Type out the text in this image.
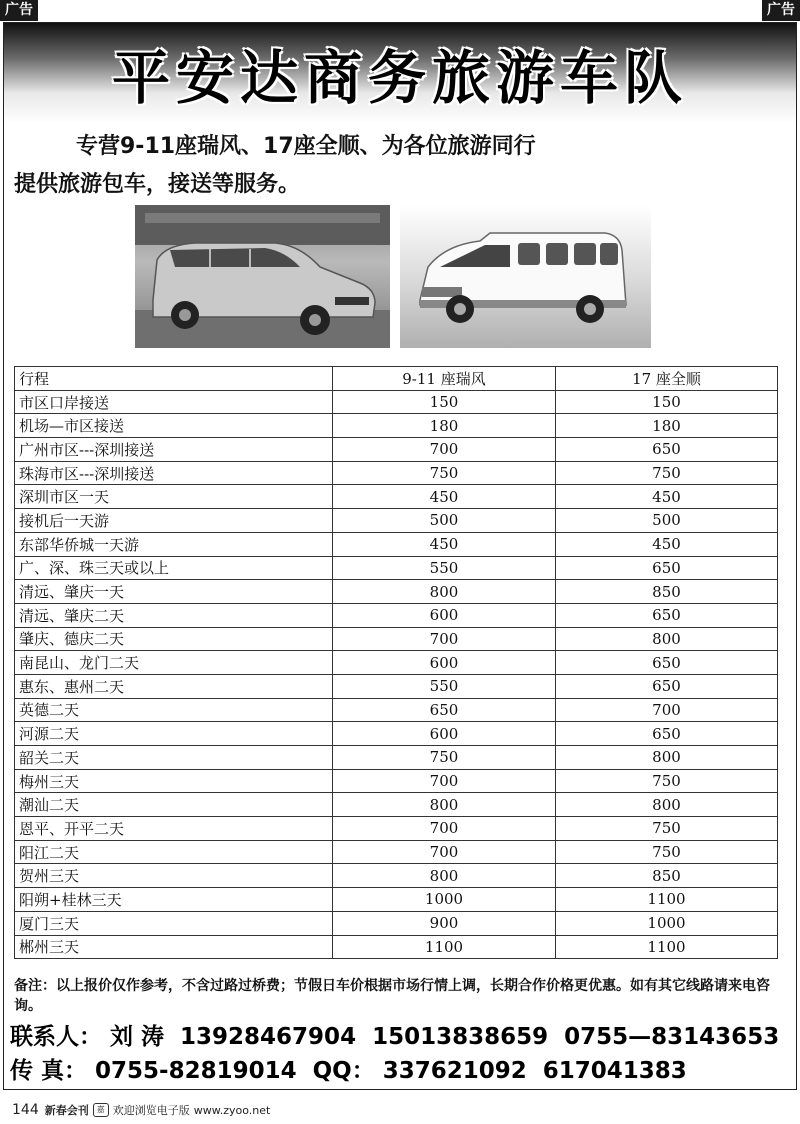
广告	广告
平安达商务旅游车队
专营9-11座瑞风、17座全顺、为各位旅游同行
提供旅游包车，接送等服务。
行程	9-11 座瑞风	17 座全顺
市区口岸接送	150	150
机场—市区接送	180	180
广州市区---深圳接送	700	650
珠海市区---深圳接送	750	750
深圳市区一天	450	450
接机后一天游	500	500
东部华侨城一天游	450	450
广、深、珠三天或以上	550	650
清远、肇庆一天	800	850
清远、肇庆二天	600	650
肇庆、德庆二天	700	800
南昆山、龙门二天	600	650
惠东、惠州二天	550	650
英德二天	650	700
河源二天	600	650
韶关二天	750	800
梅州三天	700	750
潮汕二天	800	800
恩平、开平二天	700	750
阳江二天	700	750
贺州三天	800	850
阳朔+桂林三天	1000	1100
厦门三天	900	1000
郴州三天	1100	1100
备注：以上报价仅作参考，不含过路过桥费；节假日车价根据市场行情上调，长期合作价格更优惠。如有其它线路请来电咨询。
联系人： 刘 涛 13928467904 15013838659 0755—83143653
传 真： 0755-82819014 QQ： 337621092 617041383
144 新春会刊	嘉 欢迎浏览电子版 www.zyoo.net
